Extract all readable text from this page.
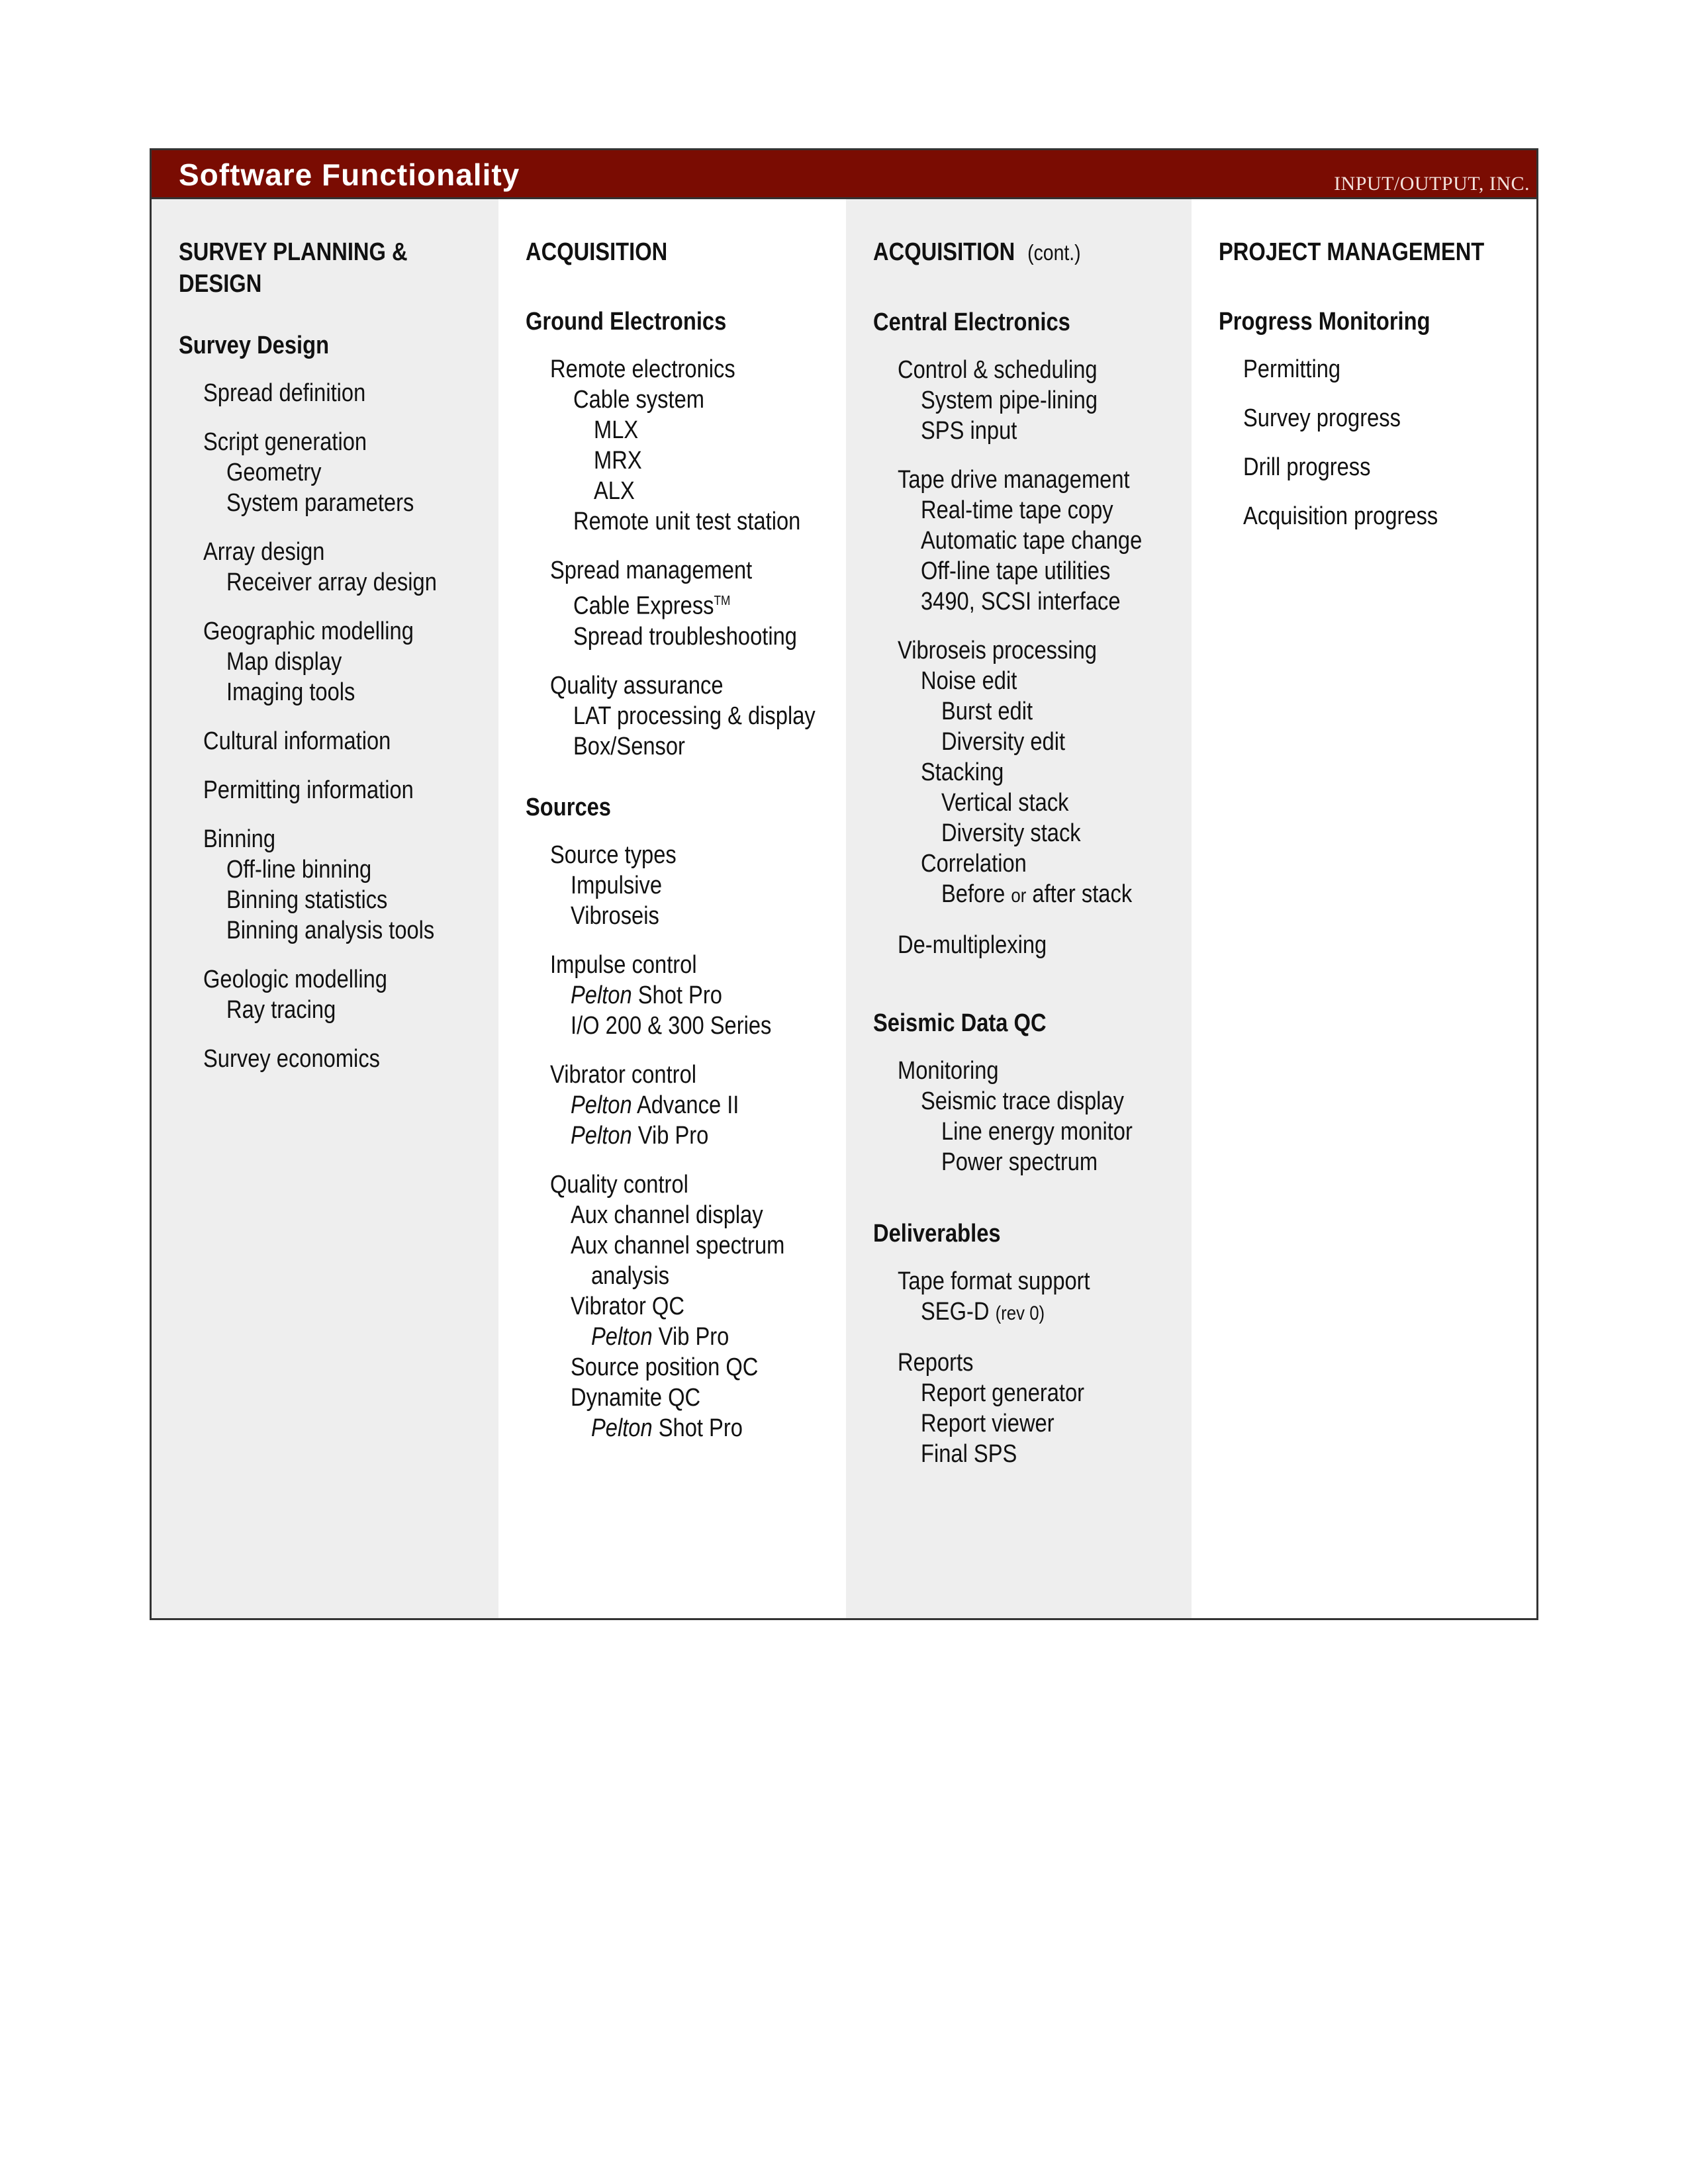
Software Functionality	INPUT/OUTPUT, INC.
SURVEY PLANNING &
DESIGN
Survey Design
Spread definition
Script generation
Geometry
System parameters
Array design
Receiver array design
Geographic modelling
Map display
Imaging tools
Cultural information
Permitting information
Binning
Off-line binning
Binning statistics
Binning analysis tools
Geologic modelling
Ray tracing
Survey economics
ACQUISITION
Ground Electronics
Remote electronics
Cable system
MLX
MRX
ALX
Remote unit test station
Spread management
Cable Express™
Spread troubleshooting
Quality assurance
LAT processing & display
Box/Sensor
Sources
Source types
Impulsive
Vibroseis
Impulse control
Pelton Shot Pro
I/O 200 & 300 Series
Vibrator control
Pelton Advance II
Pelton Vib Pro
Quality control
Aux channel display
Aux channel spectrum
analysis
Vibrator QC
Pelton Vib Pro
Source position QC
Dynamite QC
Pelton Shot Pro
ACQUISITION (cont.)
Central Electronics
Control & scheduling
System pipe-lining
SPS input
Tape drive management
Real-time tape copy
Automatic tape change
Off-line tape utilities
3490, SCSI interface
Vibroseis processing
Noise edit
Burst edit
Diversity edit
Stacking
Vertical stack
Diversity stack
Correlation
Before or after stack
De-multiplexing
Seismic Data QC
Monitoring
Seismic trace display
Line energy monitor
Power spectrum
Deliverables
Tape format support
SEG-D (rev 0)
Reports
Report generator
Report viewer
Final SPS
PROJECT MANAGEMENT
Progress Monitoring
Permitting
Survey progress
Drill progress
Acquisition progress
